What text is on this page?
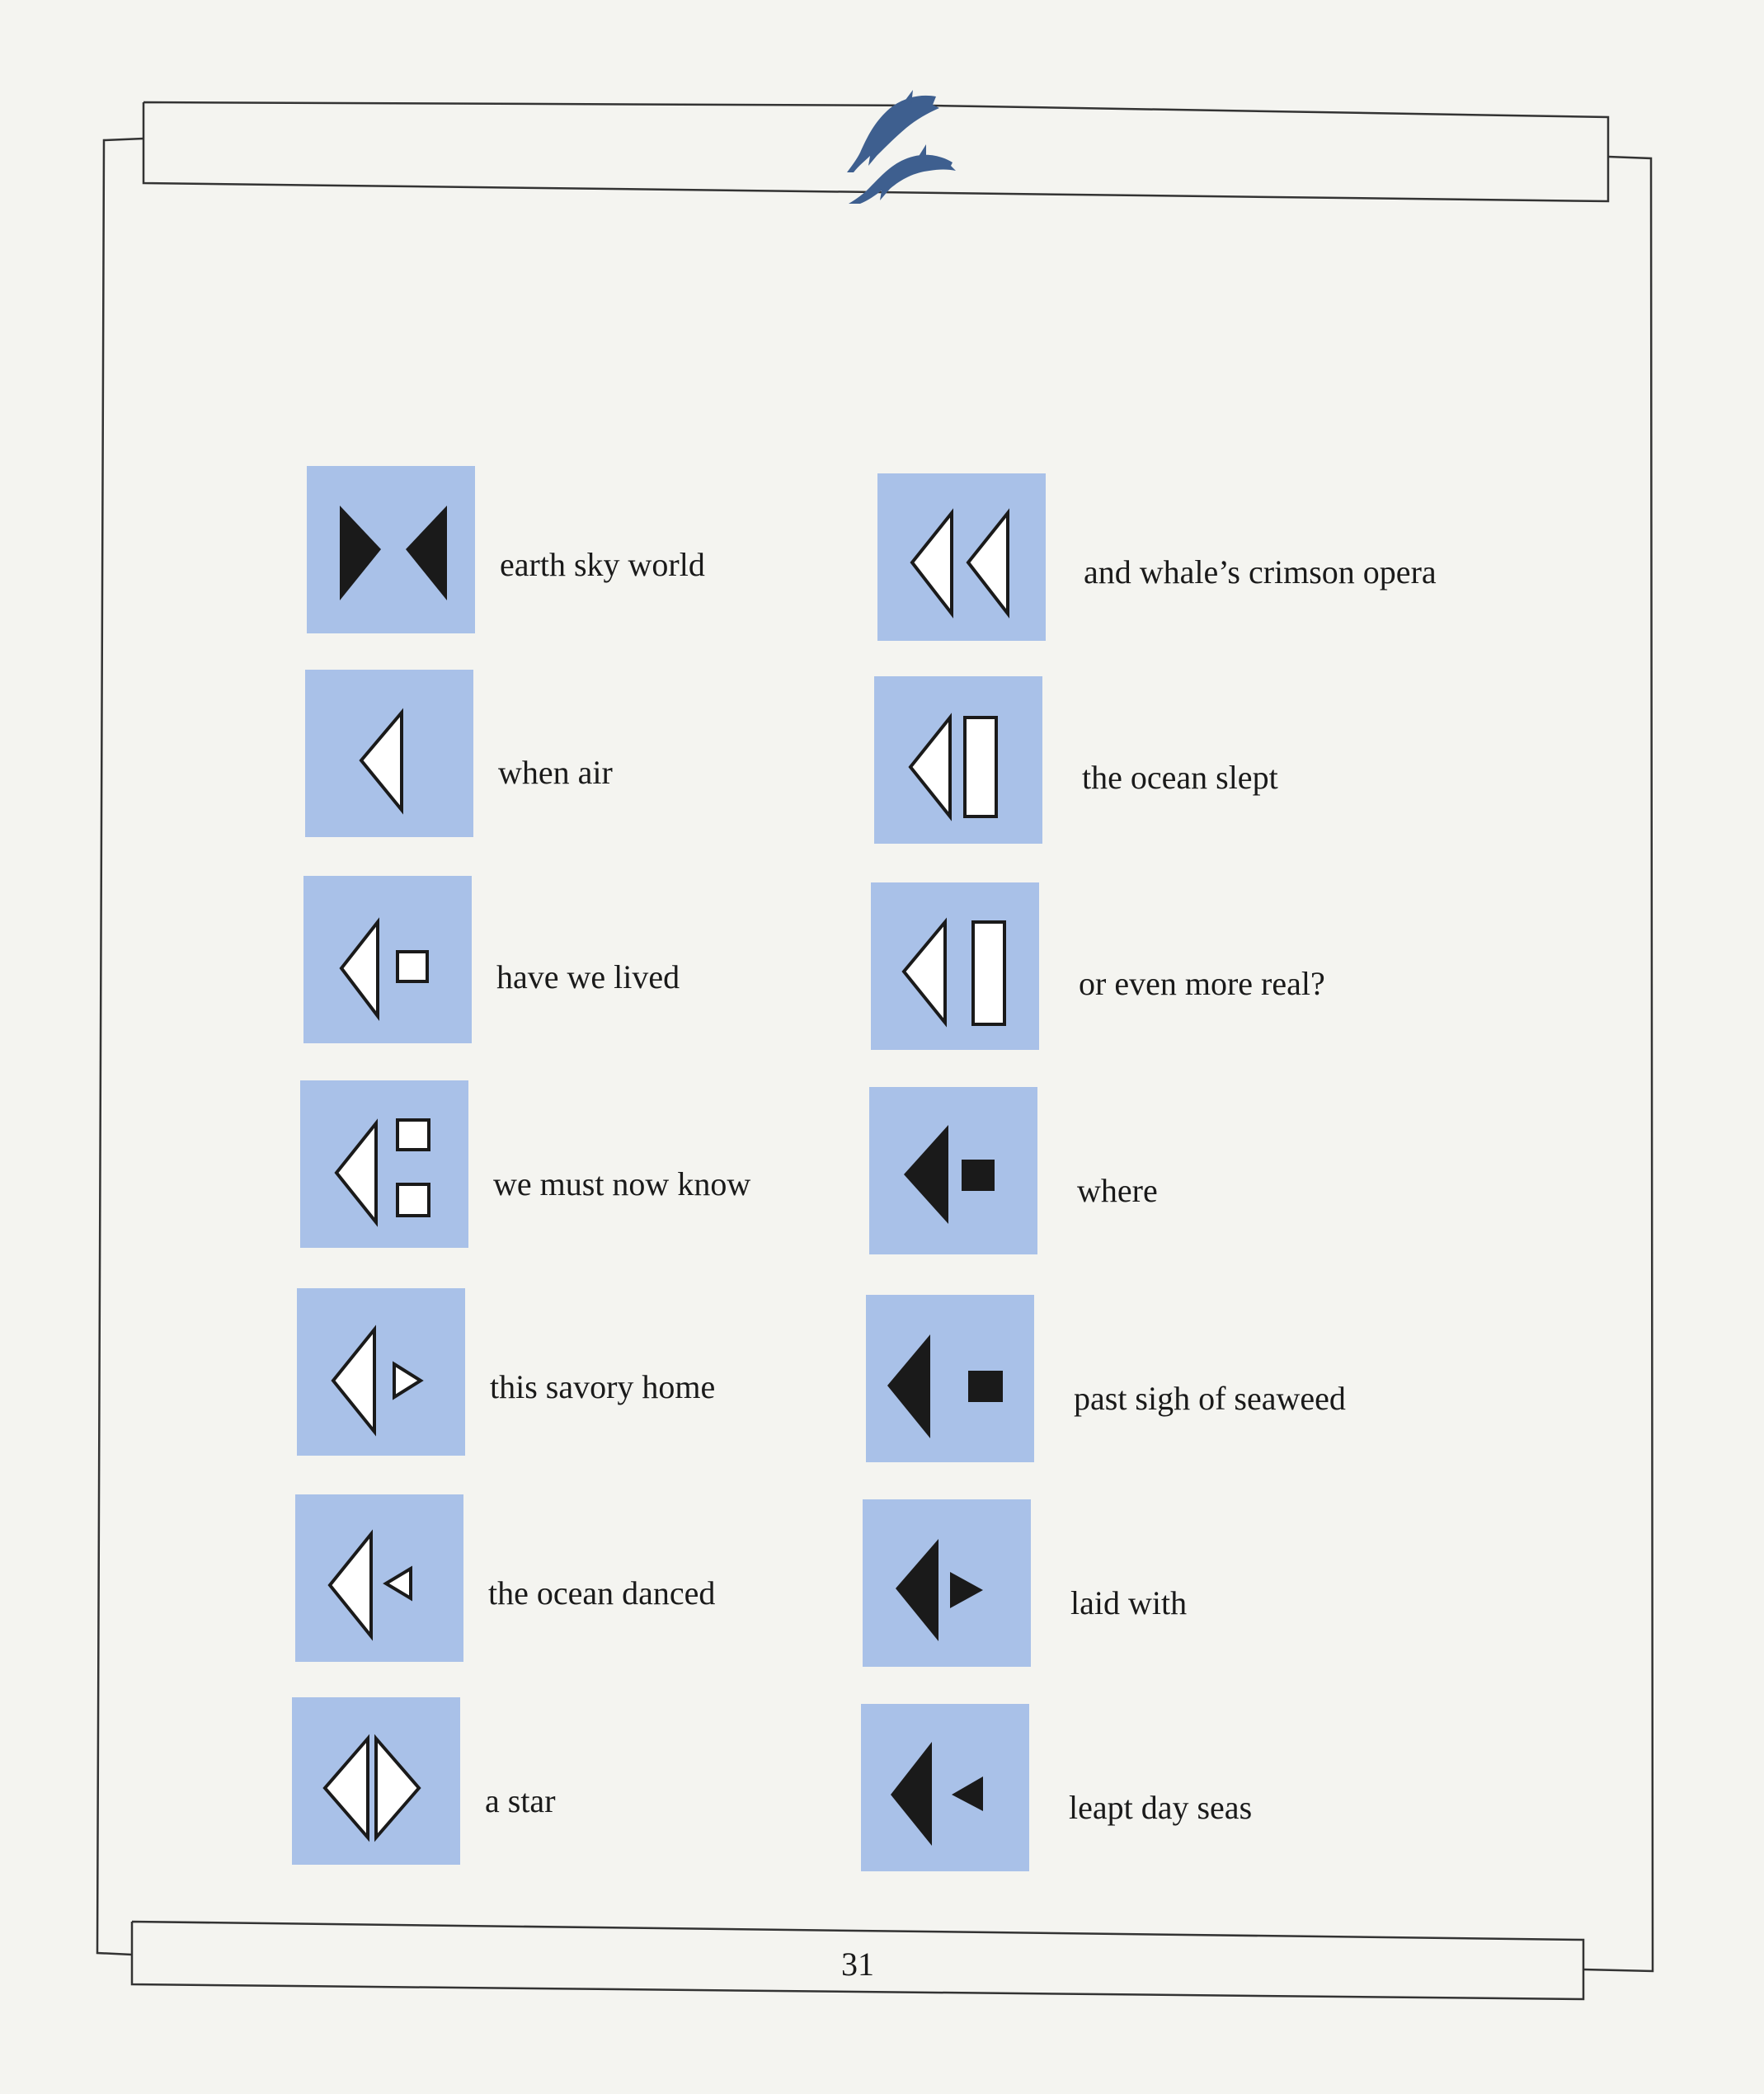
earth sky world
when air
have we lived
we must now know
this savory home
the ocean danced
a star
and whale’s crimson opera
the ocean slept
or even more real?
where
past sigh of seaweed
laid with
leapt day seas
31
